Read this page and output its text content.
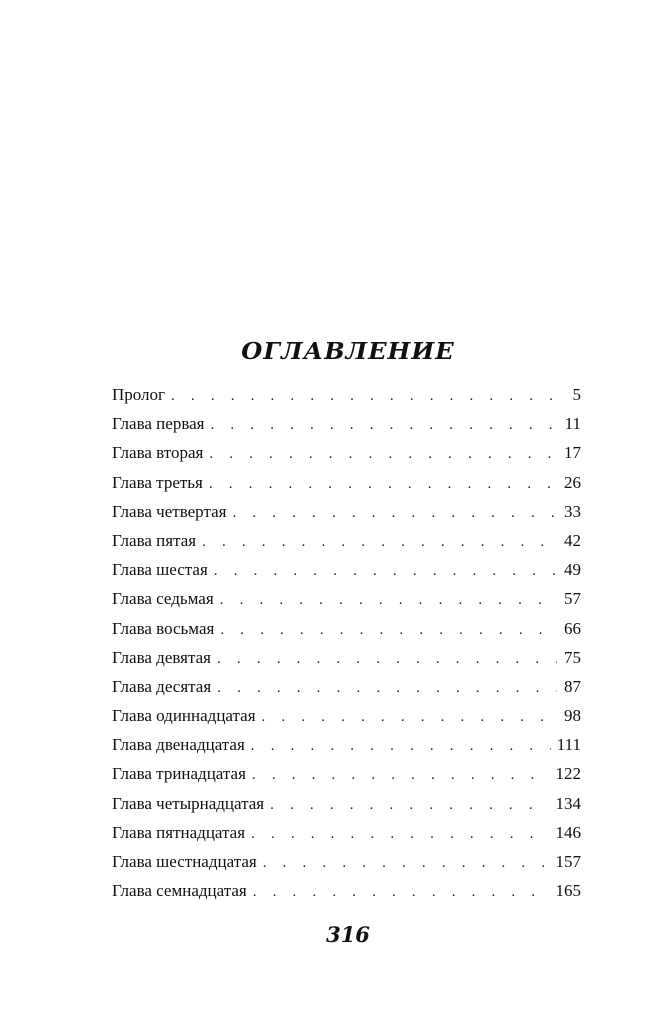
ОГЛАВЛЕНИЕ
Пролог . . .	5
Глава первая . . .	11
Глава вторая . . .	17
Глава третья . . .	26
Глава четвертая . . .	33
Глава пятая . . .	42
Глава шестая . . .	49
Глава седьмая . . .	57
Глава восьмая . . .	66
Глава девятая . . .	75
Глава десятая . . .	87
Глава одиннадцатая . . .	98
Глава двенадцатая . . .	111
Глава тринадцатая . . .	122
Глава четырнадцатая . . .	134
Глава пятнадцатая . . .	146
Глава шестнадцатая . . .	157
Глава семнадцатая . . .	165
316
